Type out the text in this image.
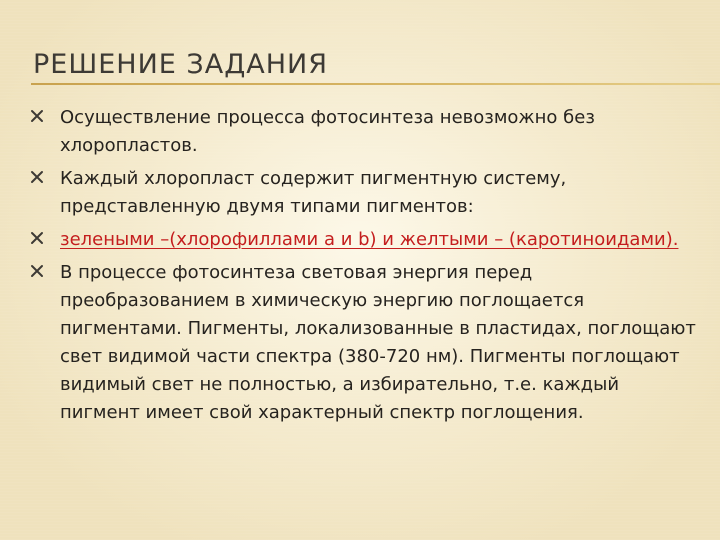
РЕШЕНИЕ ЗАДАНИЯ
Осуществление процесса фотосинтеза невозможно без хлоропластов.
Каждый хлоропласт содержит пигментную систему, представленную двумя типами пигментов:
зелеными –(хлорофиллами а и b) и желтыми – (каротиноидами).
В процессе фотосинтеза световая энергия перед преобразованием в химическую энергию поглощается пигментами. Пигменты, локализованные в пластидах, поглощают свет видимой части спектра (380-720 нм). Пигменты поглощают видимый свет не полностью, а избирательно, т.е. каждый пигмент имеет свой характерный спектр поглощения.
